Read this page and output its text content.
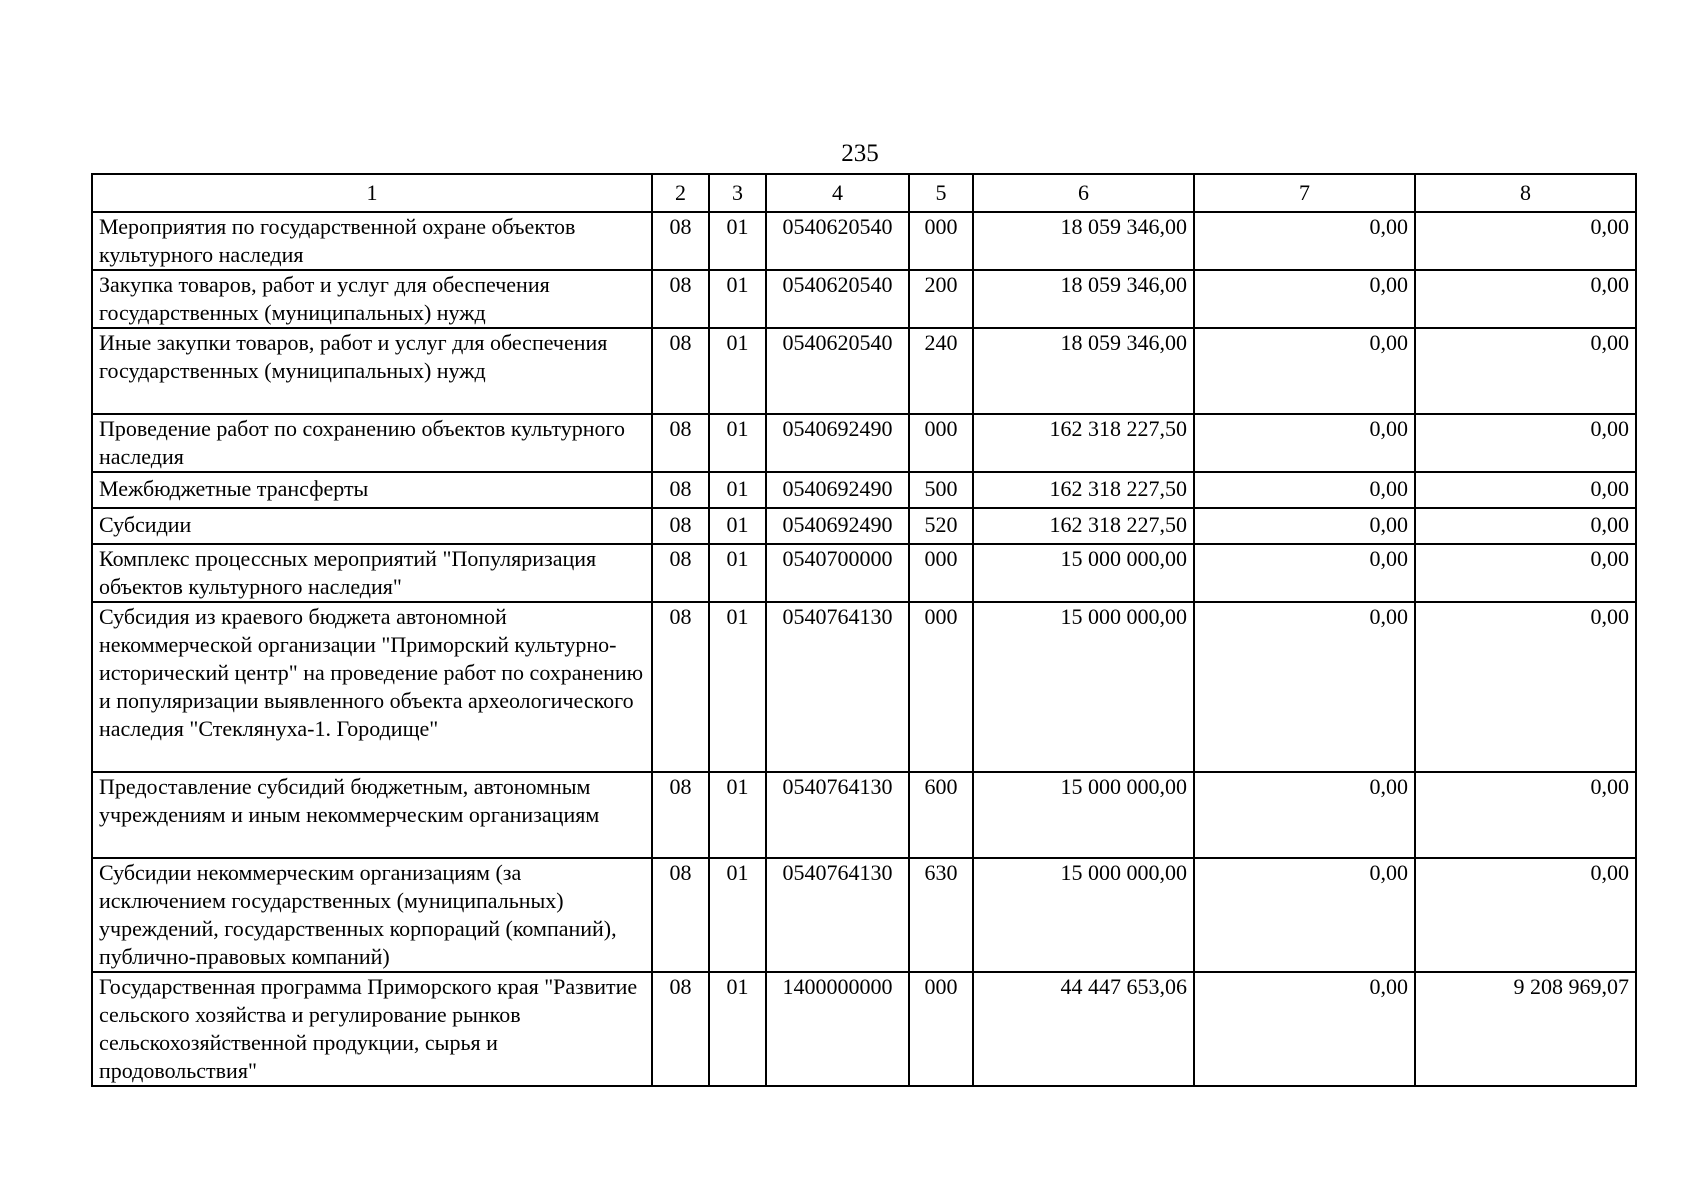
235
1	2	3	4	5	6	7	8
Мероприятия по государственной охране объектов культурного наследия	08	01	0540620540	000	18 059 346,00	0,00	0,00
Закупка товаров, работ и услуг для обеспечения государственных (муниципальных) нужд	08	01	0540620540	200	18 059 346,00	0,00	0,00
Иные закупки товаров, работ и услуг для обеспечения государственных (муниципальных) нужд	08	01	0540620540	240	18 059 346,00	0,00	0,00
Проведение работ по сохранению объектов культурного наследия	08	01	0540692490	000	162 318 227,50	0,00	0,00
Межбюджетные трансферты	08	01	0540692490	500	162 318 227,50	0,00	0,00
Субсидии	08	01	0540692490	520	162 318 227,50	0,00	0,00
Комплекс процессных мероприятий "Популяризация объектов культурного наследия"	08	01	0540700000	000	15 000 000,00	0,00	0,00
Субсидия из краевого бюджета автономной некоммерческой организации "Приморский культурно-исторический центр" на проведение работ по сохранению и популяризации выявленного объекта археологического наследия "Стеклянуха-1. Городище"	08	01	0540764130	000	15 000 000,00	0,00	0,00
Предоставление субсидий бюджетным, автономным учреждениям и иным некоммерческим организациям	08	01	0540764130	600	15 000 000,00	0,00	0,00
Субсидии некоммерческим организациям (за исключением государственных (муниципальных) учреждений, государственных корпораций (компаний), публично-правовых компаний)	08	01	0540764130	630	15 000 000,00	0,00	0,00
Государственная программа Приморского края "Развитие сельского хозяйства и регулирование рынков сельскохозяйственной продукции, сырья и продовольствия"	08	01	1400000000	000	44 447 653,06	0,00	9 208 969,07
